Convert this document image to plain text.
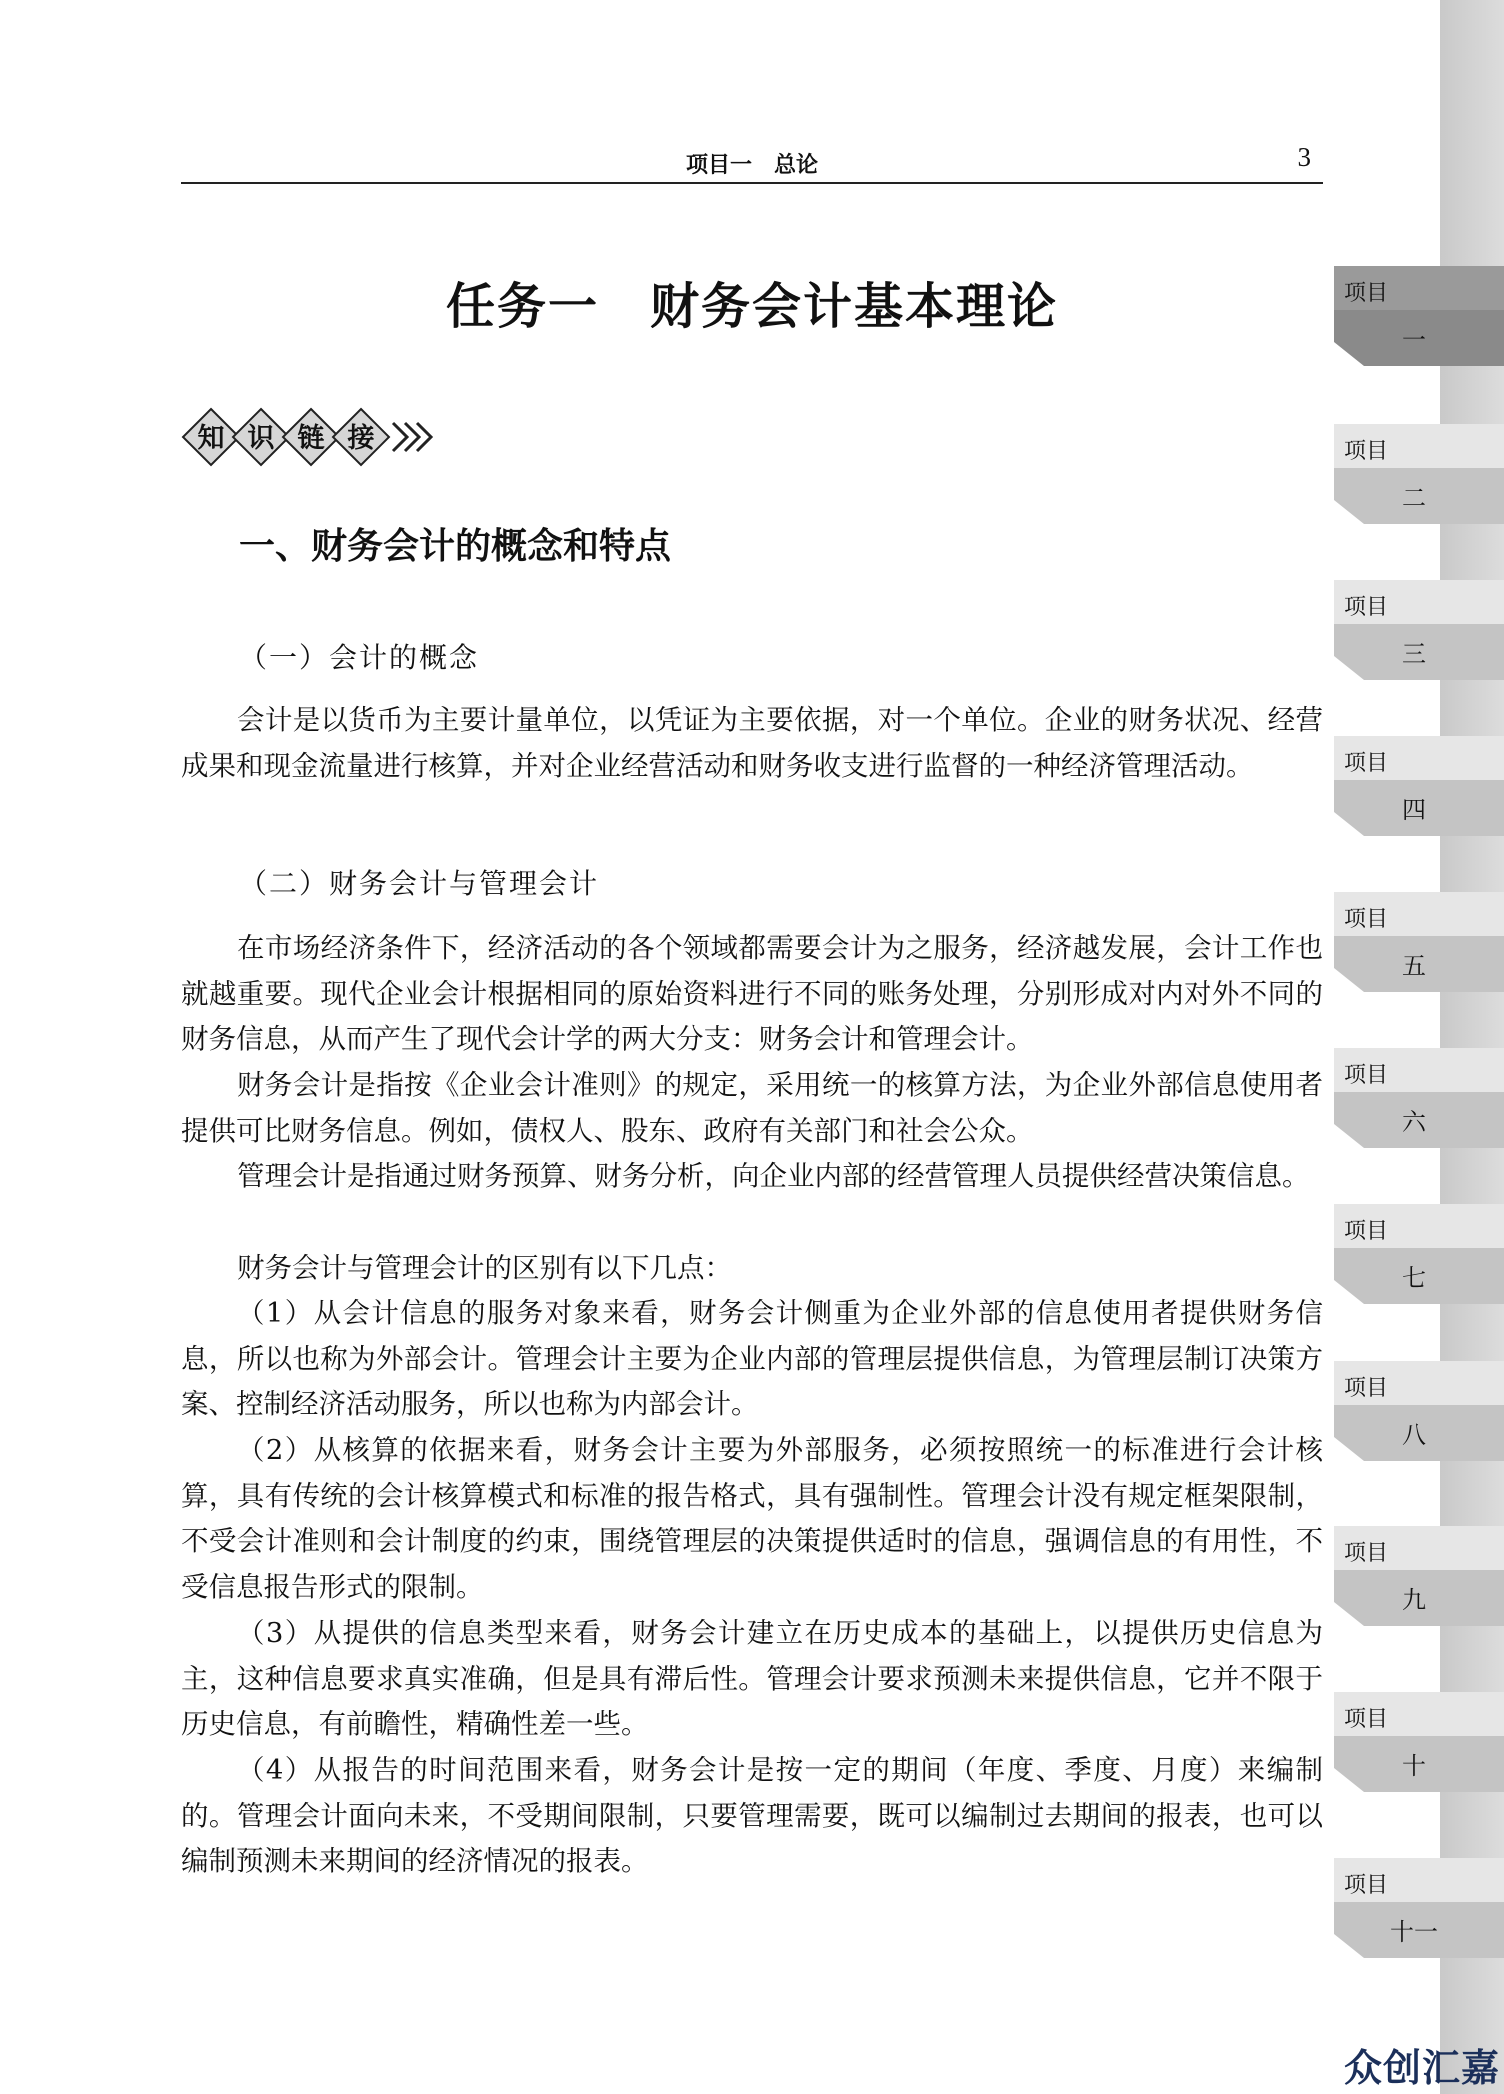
项目一　总论	3
任务一　财务会计基本理论
知 识 链 接
一、财务会计的概念和特点
（一）会计的概念

会计是以货币为主要计量单位，以凭证为主要依据，对一个单位。企业的财务状况、经营成果和现金流量进行核算，并对企业经营活动和财务收支进行监督的一种经济管理活动。

（二）财务会计与管理会计

在市场经济条件下，经济活动的各个领域都需要会计为之服务，经济越发展，会计工作也就越重要。现代企业会计根据相同的原始资料进行不同的账务处理，分别形成对内对外不同的财务信息，从而产生了现代会计学的两大分支：财务会计和管理会计。

财务会计是指按《企业会计准则》的规定，采用统一的核算方法，为企业外部信息使用者提供可比财务信息。例如，债权人、股东、政府有关部门和社会公众。

管理会计是指通过财务预算、财务分析，向企业内部的经营管理人员提供经营决策信息。

财务会计与管理会计的区别有以下几点：

（1）从会计信息的服务对象来看，财务会计侧重为企业外部的信息使用者提供财务信息，所以也称为外部会计。管理会计主要为企业内部的管理层提供信息，为管理层制订决策方案、控制经济活动服务，所以也称为内部会计。

（2）从核算的依据来看，财务会计主要为外部服务，必须按照统一的标准进行会计核算，具有传统的会计核算模式和标准的报告格式，具有强制性。管理会计没有规定框架限制，不受会计准则和会计制度的约束，围绕管理层的决策提供适时的信息，强调信息的有用性，不受信息报告形式的限制。

（3）从提供的信息类型来看，财务会计建立在历史成本的基础上，以提供历史信息为主，这种信息要求真实准确，但是具有滞后性。管理会计要求预测未来提供信息，它并不限于历史信息，有前瞻性，精确性差一些。

（4）从报告的时间范围来看，财务会计是按一定的期间（年度、季度、月度）来编制的。管理会计面向未来，不受期间限制，只要管理需要，既可以编制过去期间的报表，也可以编制预测未来期间的经济情况的报表。

项目
一
项目
二
项目
三
项目
四
项目
五
项目
六
项目
七
项目
八
项目
九
项目
十
项目
十一
众创汇嘉
